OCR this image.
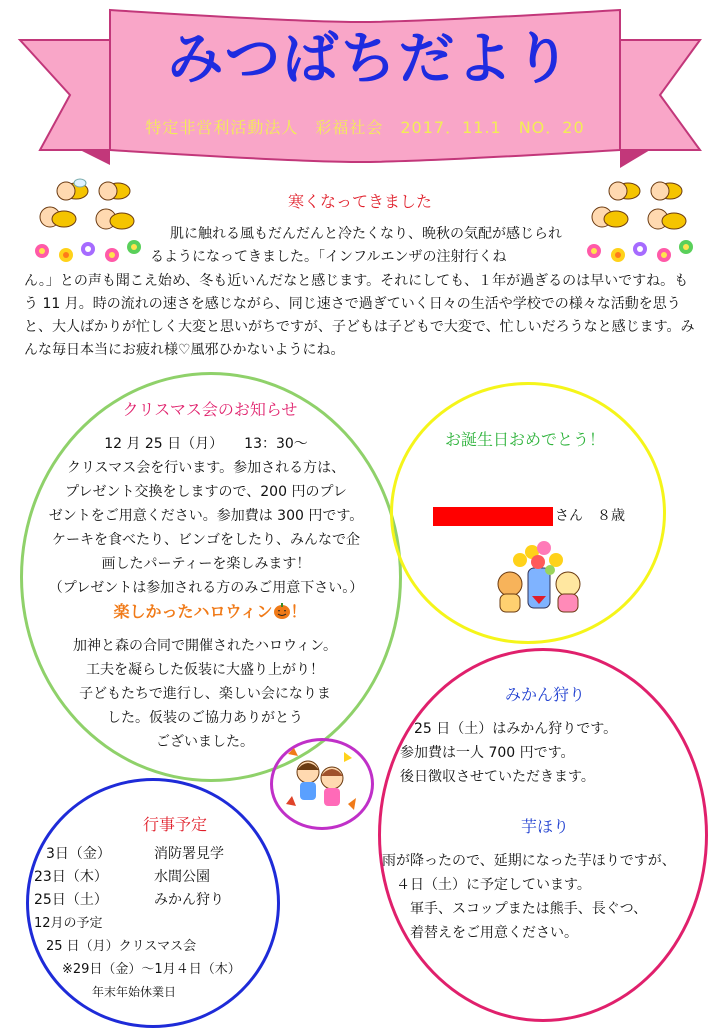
みつばちだより
特定非営利活動法人　彩福社会　2017．11.1　NO．20
寒くなってきました
肌に触れる風もだんだんと冷たくなり、晩秋の気配が感じられるようになってきました。「インフルエンザの注射行くね
ん。」との声も聞こえ始め、冬も近いんだなと感じます。それにしても、１年が過ぎるのは早いですね。もう 11 月。時の流れの速さを感じながら、同じ速さで過ぎていく日々の生活や学校での様々な活動を思うと、大人ばかりが忙しく大変と思いがちですが、子どもは子どもで大変で、忙しいだろうなと感じます。みんな毎日本当にお疲れ様♡風邪ひかないようにね。
クリスマス会のお知らせ
12 月 25 日（月）　　13：30～
クリスマス会を行います。参加される方は、
プレゼント交換をしますので、200 円のプレ
ゼントをご用意ください。参加費は 300 円です。
ケーキを食べたり、ビンゴをしたり、みんなで企
画したパーティーを楽しみます！
（プレゼントは参加される方のみご用意下さい。）
楽しかったハロウィン ！
加神と森の合同で開催されたハロウィン。
工夫を凝らした仮装に大盛り上がり！
子どもたちで進行し、楽しい会になりま
した。仮装のご協力ありがとう
ございました。
お誕生日おめでとう！
さん　８歳
みかん狩り
　25 日（土）はみかん狩りです。
参加費は一人 700 円です。
後日徴収させていただきます。
芋ほり
雨が降ったので、延期になった芋ほりですが、
　４日（土）に予定しています。
　　軍手、スコップまたは熊手、長ぐつ、
　　着替えをご用意ください。
行事予定
3日（金）	消防署見学
23日（木）	水間公園
25日（土）	みかん狩り
12月の予定
25 日（月）クリスマス会
※29日（金）～1月４日（木）
年末年始休業日
